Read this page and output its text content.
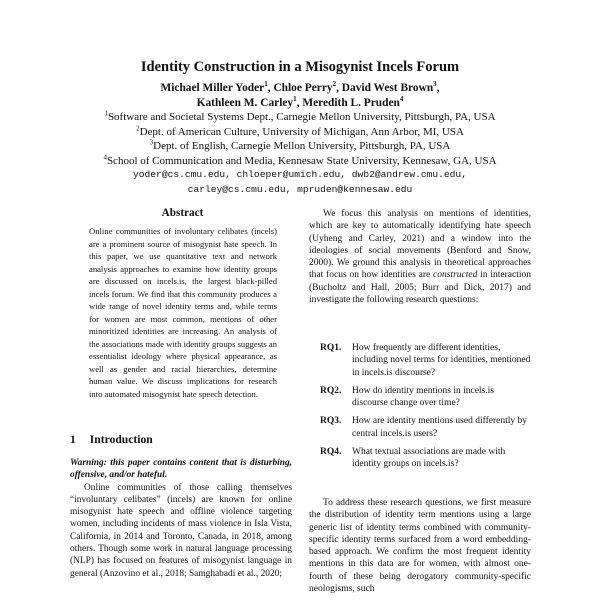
Identity Construction in a Misogynist Incels Forum
Michael Miller Yoder$^1$, Chloe Perry$^2$, David West Brown$^3$,
Kathleen M. Carley$^1$, Meredith L. Pruden$^4$
$^1$Software and Societal Systems Dept., Carnegie Mellon University, Pittsburgh, PA, USA
$^2$Dept. of American Culture, University of Michigan, Ann Arbor, MI, USA
$^3$Dept. of English, Carnegie Mellon University, Pittsburgh, PA, USA
$^4$School of Communication and Media, Kennesaw State University, Kennesaw, GA, USA
yoder@cs.cmu.edu, chloeper@umich.edu, dwb2@andrew.cmu.edu,
carley@cs.cmu.edu, mpruden@kennesaw.edu
Abstract
Online communities of involuntary celibates (incels) are a prominent source of misogynist hate speech. In this paper, we use quantitative text and network analysis approaches to examine how identity groups are discussed on incels.is, the largest black-pilled incels forum. We find that this community produces a wide range of novel identity terms and, while terms for women are most common, mentions of other minoritized identities are increasing. An analysis of the associations made with identity groups suggests an essentialist ideology where physical appearance, as well as gender and racial hierarchies, determine human value. We discuss implications for research into automated misogynist hate speech detection.
1 Introduction

Warning: this paper contains content that is disturbing, offensive, and/or hateful.

Online communities of those calling themselves “involuntary celibates” (incels) are known for online misogynist hate speech and offline violence targeting women, including incidents of mass violence in Isla Vista, California, in 2014 and Toronto, Canada, in 2018, among others. Though some work in natural language processing (NLP) has focused on features of misogynist language in general (Anzovino et al., 2018; Samghabadi et al., 2020;

We focus this analysis on mentions of identities, which are key to automatically identifying hate speech (Uyheng and Carley, 2021) and a window into the ideologies of social movements (Benford and Snow, 2000). We ground this analysis in theoretical approaches that focus on how identities are constructed in interaction (Bucholtz and Hall, 2005; Burr and Dick, 2017) and investigate the following research questions:

RQ1.	How frequently are different identities, including novel terms for identities, mentioned in incels.is discourse?
RQ2.	How do identity mentions in incels.is discourse change over time?
RQ3.	How are identity mentions used differently by central incels.is users?
RQ4.	What textual associations are made with identity groups on incels.is?

To address these research questions, we first measure the distribution of identity term mentions using a large generic list of identity terms combined with community-specific identity terms surfaced from a word embedding-based approach. We confirm the most frequent identity mentions in this data are for women, with almost one-fourth of these being derogatory community-specific neologisms, such
